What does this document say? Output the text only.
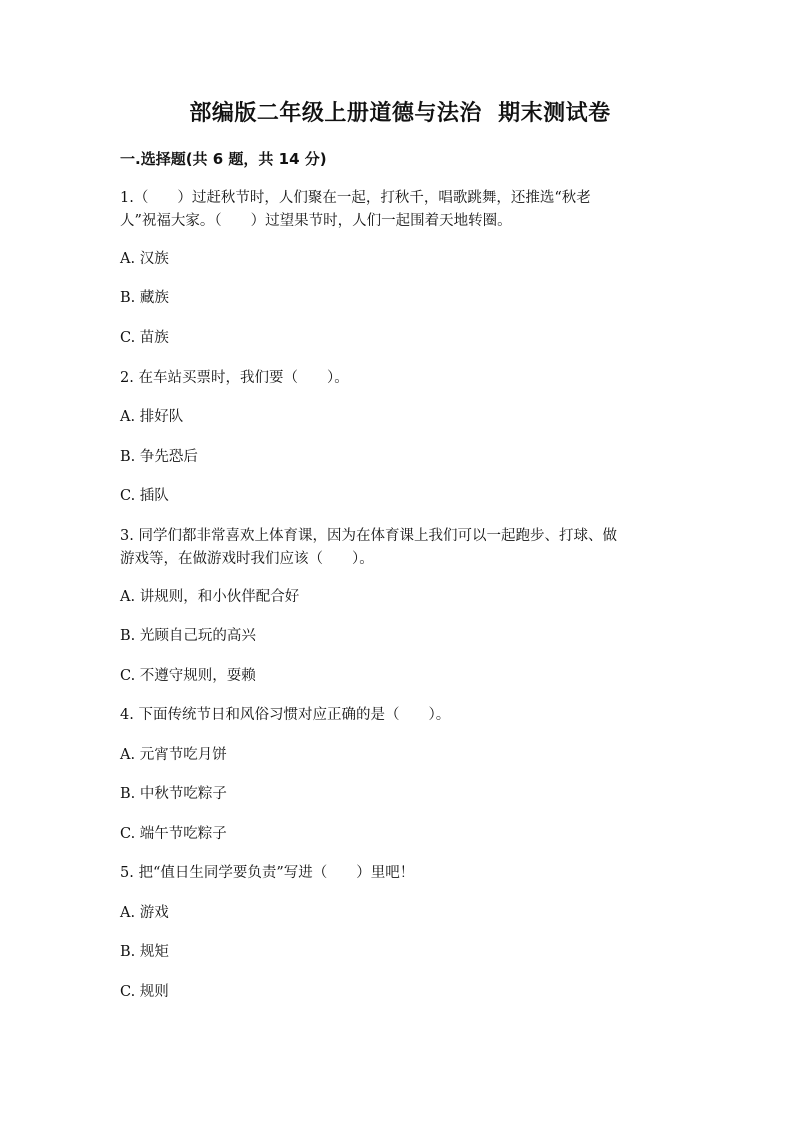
部编版二年级上册道德与法治  期末测试卷
一.选择题(共 6 题，共 14 分)
1.（　　）过赶秋节时，人们聚在一起，打秋千，唱歌跳舞，还推选“秋老
人”祝福大家。（　　）过望果节时，人们一起围着天地转圈。
A. 汉族
B. 藏族
C. 苗族
2. 在车站买票时，我们要（　　）。
A. 排好队
B. 争先恐后
C. 插队
3. 同学们都非常喜欢上体育课，因为在体育课上我们可以一起跑步、打球、做
游戏等，在做游戏时我们应该（　　）。
A. 讲规则，和小伙伴配合好
B. 光顾自己玩的高兴
C. 不遵守规则，耍赖
4. 下面传统节日和风俗习惯对应正确的是（　　）。
A. 元宵节吃月饼
B. 中秋节吃粽子
C. 端午节吃粽子
5. 把“值日生同学要负责”写进（　　）里吧！
A. 游戏
B. 规矩
C. 规则
